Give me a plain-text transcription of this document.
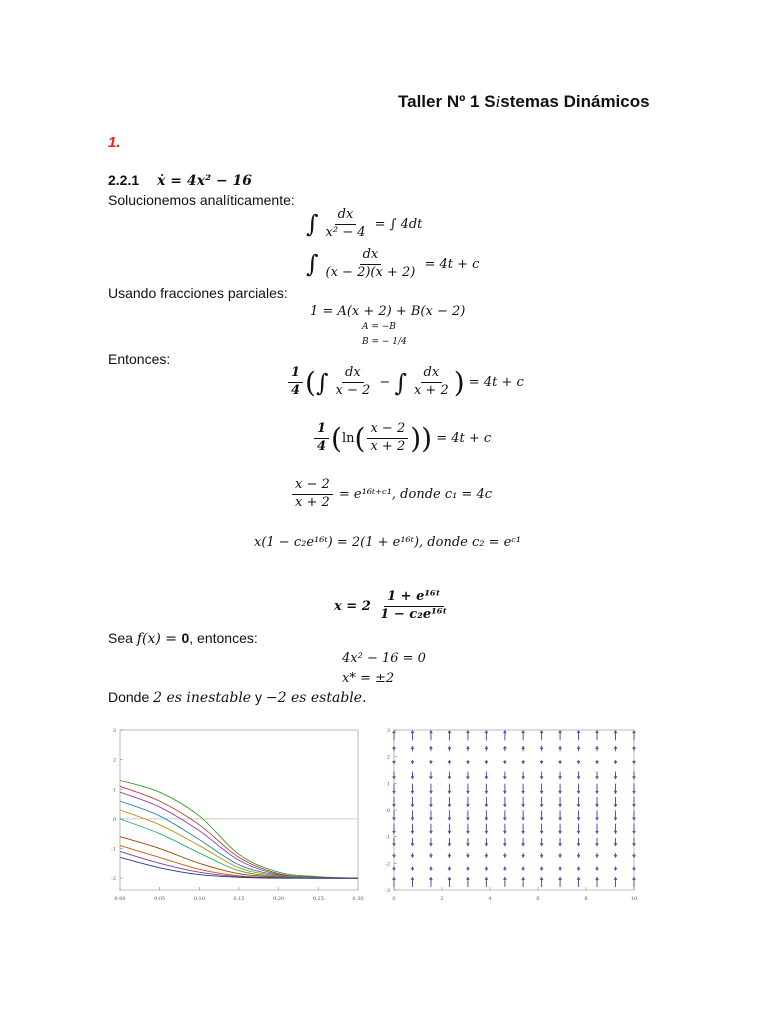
Taller Nº 1 Sistemas Dinámicos
1.
2.2.1 ẋ = 4x² − 16
Solucionemos analíticamente:
∫ $\frac{dx}{\text{x² − 4}}$ = ∫ 4dt
∫ $\frac{dx}{(x - 2)(x + 2)} = 4t + c$
Usando fracciones parciales:
1 = A(x + 2) + B(x − 2)
A = −B
B = − 1/4
Entonces:
$\frac{1}{4}$ (∫ $\frac{dx}{x - 2}$ − ∫ $\frac{dx}{x + 2}$ ) = 4t + c
$\frac{1}{4} (\ln( \frac{x - 2}{x + 2}$ )) = 4t + c
$\frac{x - 2}{x + 2}$ = e¹⁶ᵗ⁺ᶜ¹, donde c₁ = 4c
x(1 − c₂e¹⁶ᵗ) = 2(1 + e¹⁶ᵗ), donde c₂ = eᶜ¹
$x = 2 \frac{\text{1 + e¹⁶ᵗ}}{\text{1 − c₂e¹⁶ᵗ}}$
Sea f(x) = 0, entonces:
4x² − 16 = 0
x* = ±2
Donde 2 es inestable y −2 es estable.
3
2
1
0
-1
-2
0.00	0.05	0.10	0.15	0.20	0.25	0.30
3
2
1
0
-1
-2
-3
0	2	4	6	8	10
